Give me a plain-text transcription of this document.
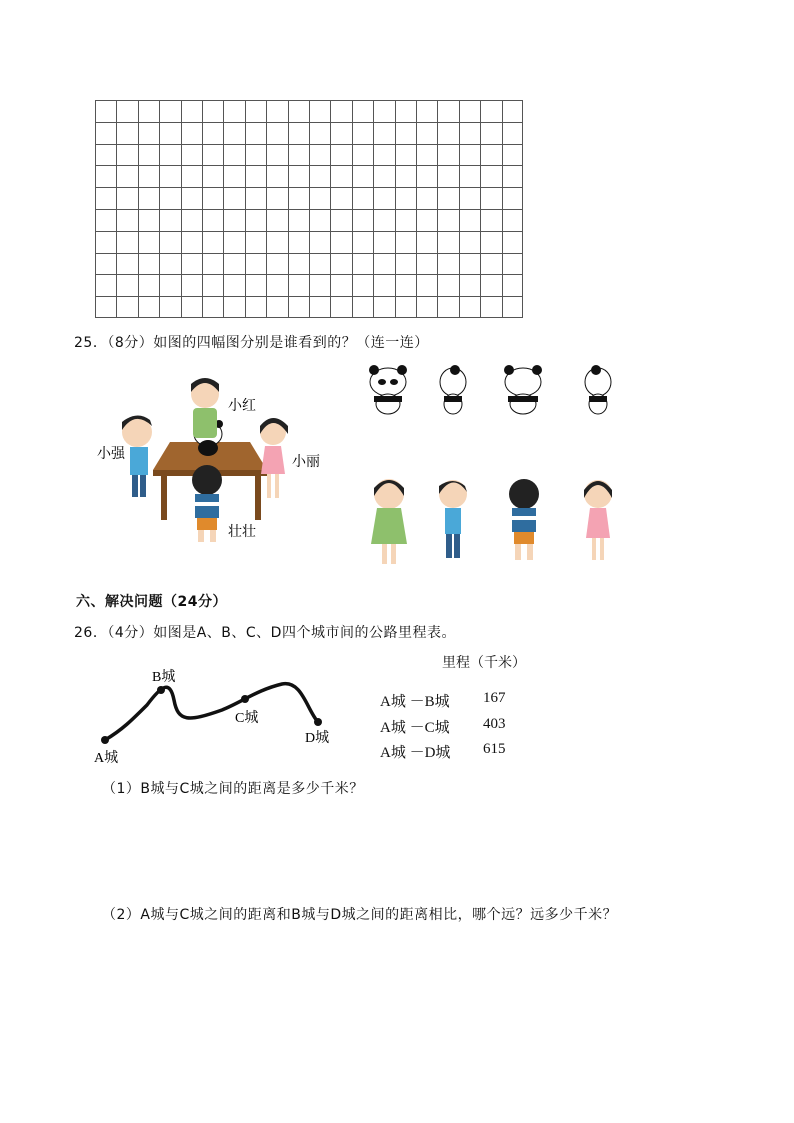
25．（8分）如图的四幅图分别是谁看到的？（连一连）
小红
小强	小丽
壮壮
六、解决问题（24分）
26．（4分）如图是A、B、C、D四个城市间的公路里程表。
A城
B城
C城
D城
里程（千米）
A城 －B城 167
A城 －C城 403
A城 －D城 615
（1）B城与C城之间的距离是多少千米？
（2）A城与C城之间的距离和B城与D城之间的距离相比，哪个远？远多少千米？
